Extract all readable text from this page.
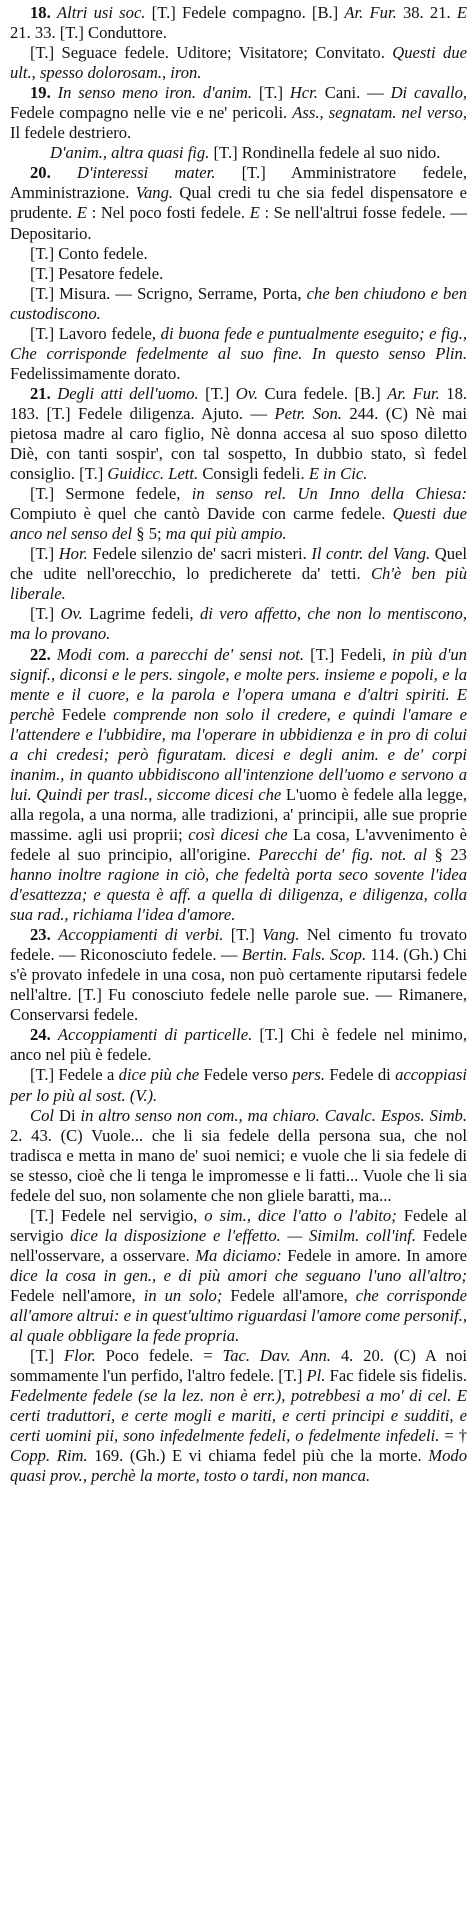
18. Altri usi soc. [T.] Fedele compagno. [B.] Ar. Fur. 38. 21. E 21. 33. [T.] Conduttore.

[T.] Seguace fedele. Uditore; Visitatore; Convitato. Questi due ult., spesso dolorosam., iron.

19. In senso meno iron. d'anim. [T.] Hcr. Cani. — Di cavallo, Fedele compagno nelle vie e ne' pericoli. Ass., segnatam. nel verso, Il fedele destriero.

D'anim., altra quasi fig. [T.] Rondinella fedele al suo nido.

20. D'interessi mater. [T.] Amministratore fedele, Amministrazione. Vang. Qual credi tu che sia fedel dispensatore e prudente. E : Nel poco fosti fedele. E : Se nell'altrui fosse fedele. — Depositario.

[T.] Conto fedele.

[T.] Pesatore fedele.

[T.] Misura. — Scrigno, Serrame, Porta, che ben chiudono e ben custodiscono.

[T.] Lavoro fedele, di buona fede e puntualmente eseguito; e fig., Che corrisponde fedelmente al suo fine. In questo senso Plin. Fedelissimamente dorato.

21. Degli atti dell'uomo. [T.] Ov. Cura fedele. [B.] Ar. Fur. 18. 183. [T.] Fedele diligenza. Ajuto. — Petr. Son. 244. (C) Nè mai pietosa madre al caro figlio, Nè donna accesa al suo sposo diletto Diè, con tanti sospir', con tal sospetto, In dubbio stato, sì fedel consiglio. [T.] Guidicc. Lett. Consigli fedeli. E in Cic.

[T.] Sermone fedele, in senso rel. Un Inno della Chiesa: Compiuto è quel che cantò Davide con carme fedele. Questi due anco nel senso del § 5; ma qui più ampio.

[T.] Hor. Fedele silenzio de' sacri misteri. Il contr. del Vang. Quel che udite nell'orecchio, lo predicherete da' tetti. Ch'è ben più liberale.

[T.] Ov. Lagrime fedeli, di vero affetto, che non lo mentiscono, ma lo provano.

22. Modi com. a parecchi de' sensi not. [T.] Fedeli, in più d'un signif., diconsi e le pers. singole, e molte pers. insieme e popoli, e la mente e il cuore, e la parola e l'opera umana e d'altri spiriti. E perchè Fedele comprende non solo il credere, e quindi l'amare e l'attendere e l'ubbidire, ma l'operare in ubbidienza e in pro di colui a chi credesi; però figuratam. dicesi e degli anim. e de' corpi inanim., in quanto ubbidiscono all'intenzione dell'uomo e servono a lui. Quindi per trasl., siccome dicesi che L'uomo è fedele alla legge, alla regola, a una norma, alle tradizioni, a' principii, alle sue proprie massime. agli usi proprii; così dicesi che La cosa, L'avvenimento è fedele al suo principio, all'origine. Parecchi de' fig. not. al § 23 hanno inoltre ragione in ciò, che fedeltà porta seco sovente l'idea d'esattezza; e questa è aff. a quella di diligenza, e diligenza, colla sua rad., richiama l'idea d'amore.

23. Accoppiamenti di verbi. [T.] Vang. Nel cimento fu trovato fedele. — Riconosciuto fedele. — Bertin. Fals. Scop. 114. (Gh.) Chi s'è provato infedele in una cosa, non può certamente riputarsi fedele nell'altre. [T.] Fu conosciuto fedele nelle parole sue. — Rimanere, Conservarsi fedele.

24. Accoppiamenti di particelle. [T.] Chi è fedele nel minimo, anco nel più è fedele.

[T.] Fedele a dice più che Fedele verso pers. Fedele di accoppiasi per lo più al sost. (V.).

Col Di in altro senso non com., ma chiaro. Cavalc. Espos. Simb. 2. 43. (C) Vuole... che li sia fedele della persona sua, che nol tradisca e metta in mano de' suoi nemici; e vuole che li sia fedele di se stesso, cioè che li tenga le impromesse e li fatti... Vuole che li sia fedele del suo, non solamente che non gliele baratti, ma...

[T.] Fedele nel servigio, o sim., dice l'atto o l'abito; Fedele al servigio dice la disposizione e l'effetto. — Similm. coll'inf. Fedele nell'osservare, a osservare. Ma diciamo: Fedele in amore. In amore dice la cosa in gen., e di più amori che seguano l'uno all'altro; Fedele nell'amore, in un solo; Fedele all'amore, che corrisponde all'amore altrui: e in quest'ultimo riguardasi l'amore come personif., al quale obbligare la fede propria.

[T.] Flor. Poco fedele. = Tac. Dav. Ann. 4. 20. (C) A noi sommamente l'un perfido, l'altro fedele. [T.] Pl. Fac fidele sis fidelis. Fedelmente fedele (se la lez. non è err.), potrebbesi a mo' di cel. E certi traduttori, e certe mogli e mariti, e certi principi e sudditi, e certi uomini pii, sono infedelmente fedeli, o fedelmente infedeli. = † Copp. Rim. 169. (Gh.) E vi chiama fedel più che la morte. Modo quasi prov., perchè la morte, tosto o tardi, non manca.
